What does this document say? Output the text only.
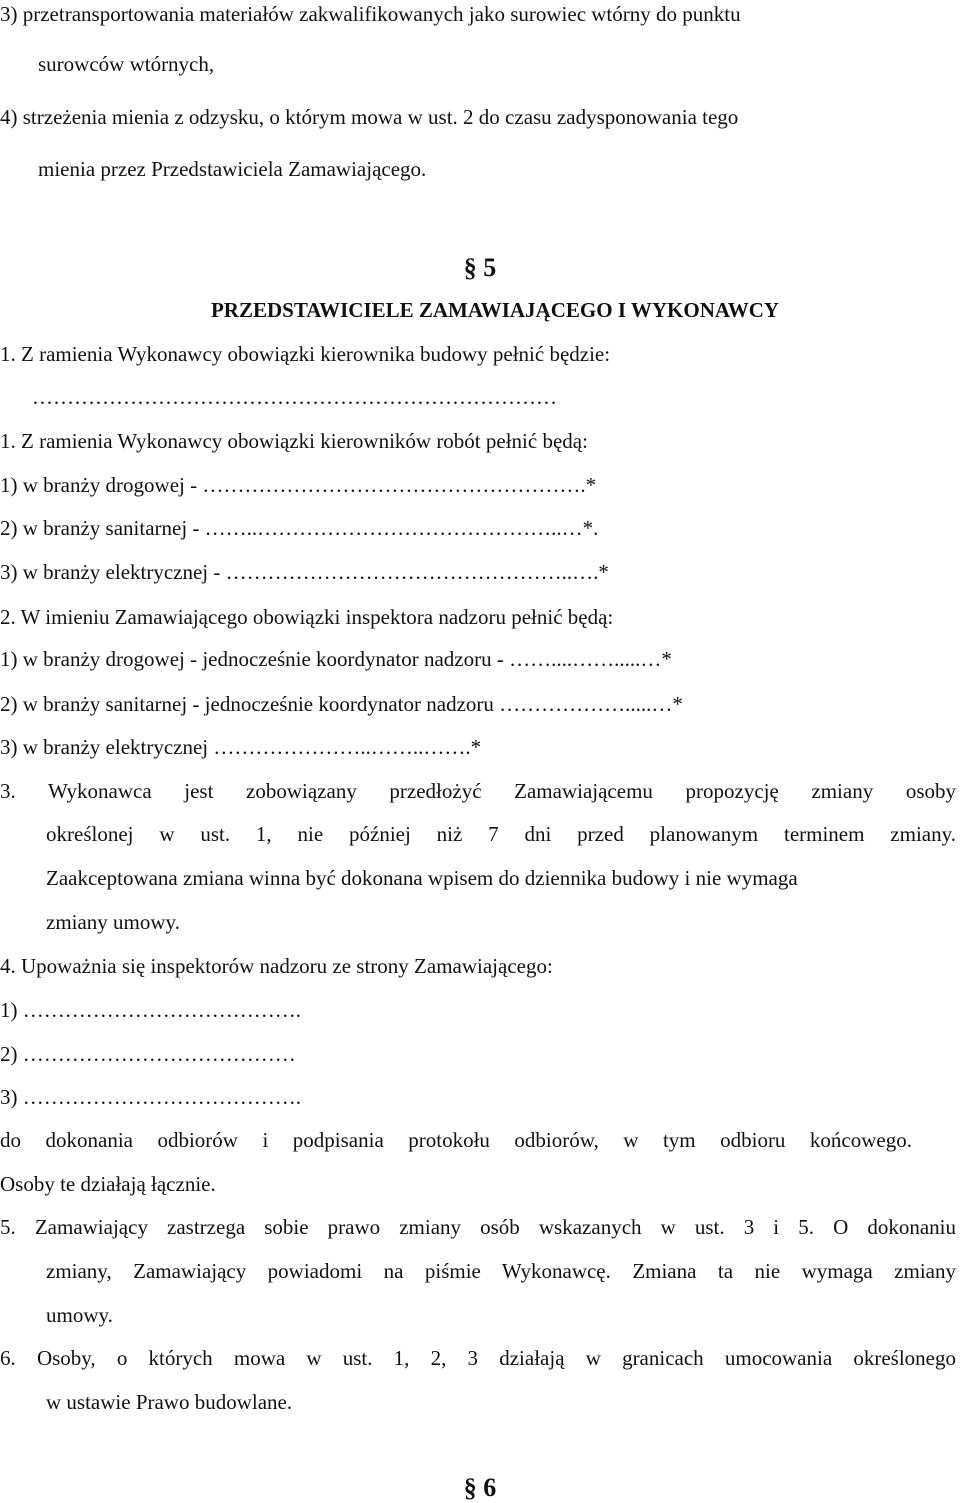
3) przetransportowania materiałów zakwalifikowanych jako surowiec wtórny do punktu
surowców wtórnych,
4) strzeżenia mienia z odzysku, o którym mowa w ust. 2 do czasu zadysponowania tego
mienia przez Przedstawiciela Zamawiającego.
§ 5
PRZEDSTAWICIELE ZAMAWIAJĄCEGO I WYKONAWCY
1. Z ramienia Wykonawcy obowiązki kierownika budowy pełnić będzie:
…………………………………………………………………
1. Z ramienia Wykonawcy obowiązki kierowników robót pełnić będą:
1) w branży drogowej - ……………………………………………….*
2) w branży sanitarnej - ……..……………………………………..…*.
3) w branży elektrycznej - …………………………………………..….*
2. W imieniu Zamawiającego obowiązki inspektora nadzoru pełnić będą:
1) w branży drogowej - jednocześnie koordynator nadzoru - ……....…….....…*
2) w branży sanitarnej - jednocześnie koordynator nadzoru ……………….....…*
3) w branży elektrycznej …………………..……..…….*
3. Wykonawca jest zobowiązany przedłożyć Zamawiającemu propozycję zmiany osoby
określonej w ust. 1, nie później niż 7 dni przed planowanym terminem zmiany.
Zaakceptowana zmiana winna być dokonana wpisem do dziennika budowy i nie wymaga
zmiany umowy.
4. Upoważnia się inspektorów nadzoru ze strony Zamawiającego:
1) ………………………………….
2) …………………………………
3) ………………………………….
do dokonania odbiorów i podpisania protokołu odbiorów, w tym odbioru końcowego.
Osoby te działają łącznie.
5. Zamawiający zastrzega sobie prawo zmiany osób wskazanych w ust. 3 i 5. O dokonaniu
zmiany, Zamawiający powiadomi na piśmie Wykonawcę. Zmiana ta nie wymaga zmiany
umowy.
6. Osoby, o których mowa w ust. 1, 2, 3 działają w granicach umocowania określonego
w ustawie Prawo budowlane.
§ 6
